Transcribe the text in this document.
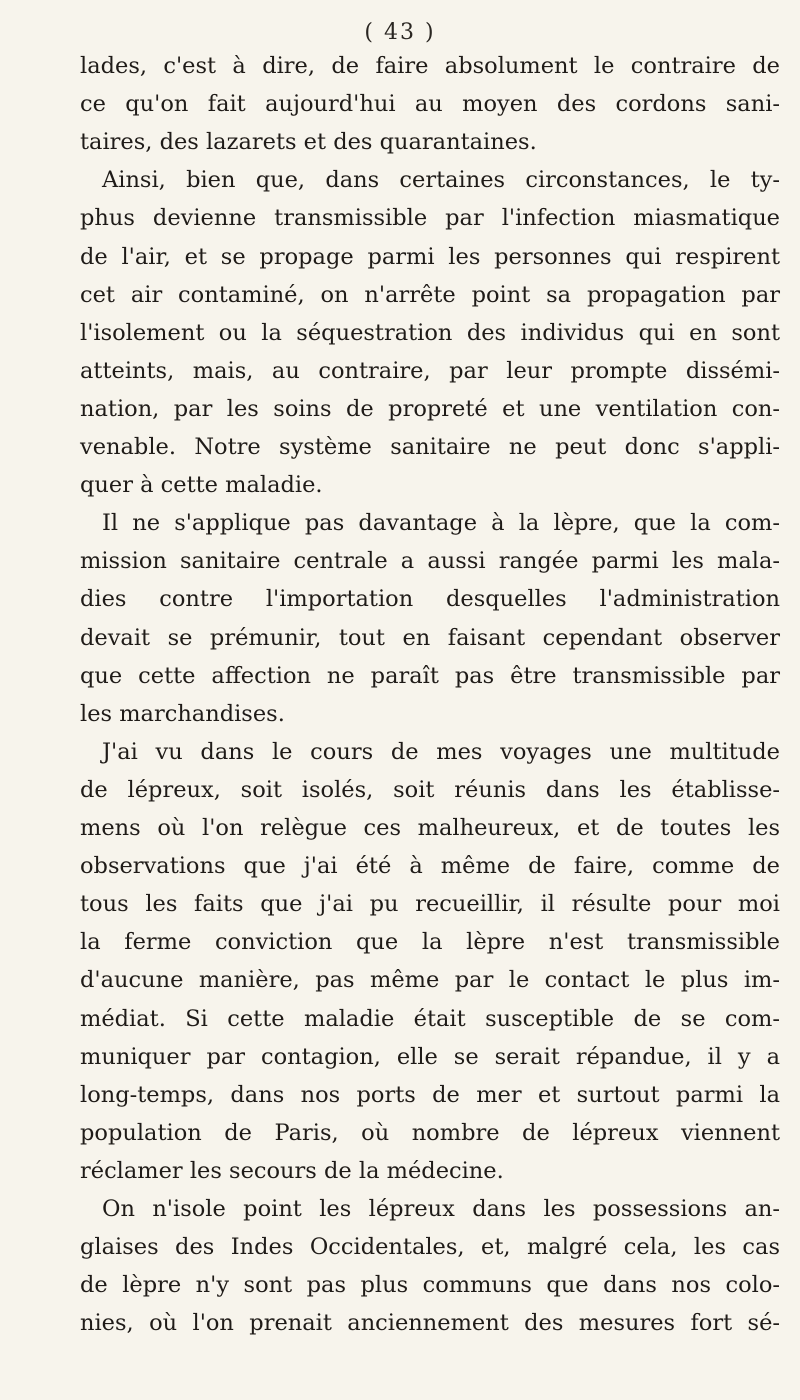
( 43 )
lades, c'est à dire, de faire absolument le contraire de
ce qu'on fait aujourd'hui au moyen des cordons sani-
taires, des lazarets et des quarantaines.
Ainsi, bien que, dans certaines circonstances, le ty-
phus devienne transmissible par l'infection miasmatique
de l'air, et se propage parmi les personnes qui respirent
cet air contaminé, on n'arrête point sa propagation par
l'isolement ou la séquestration des individus qui en sont
atteints, mais, au contraire, par leur prompte dissémi-
nation, par les soins de propreté et une ventilation con-
venable. Notre système sanitaire ne peut donc s'appli-
quer à cette maladie.
Il ne s'applique pas davantage à la lèpre, que la com-
mission sanitaire centrale a aussi rangée parmi les mala-
dies contre l'importation desquelles l'administration
devait se prémunir, tout en faisant cependant observer
que cette affection ne paraît pas être transmissible par
les marchandises.
J'ai vu dans le cours de mes voyages une multitude
de lépreux, soit isolés, soit réunis dans les établisse-
mens où l'on relègue ces malheureux, et de toutes les
observations que j'ai été à même de faire, comme de
tous les faits que j'ai pu recueillir, il résulte pour moi
la ferme conviction que la lèpre n'est transmissible
d'aucune manière, pas même par le contact le plus im-
médiat. Si cette maladie était susceptible de se com-
muniquer par contagion, elle se serait répandue, il y a
long-temps, dans nos ports de mer et surtout parmi la
population de Paris, où nombre de lépreux viennent
réclamer les secours de la médecine.
On n'isole point les lépreux dans les possessions an-
glaises des Indes Occidentales, et, malgré cela, les cas
de lèpre n'y sont pas plus communs que dans nos colo-
nies, où l'on prenait anciennement des mesures fort sé-
